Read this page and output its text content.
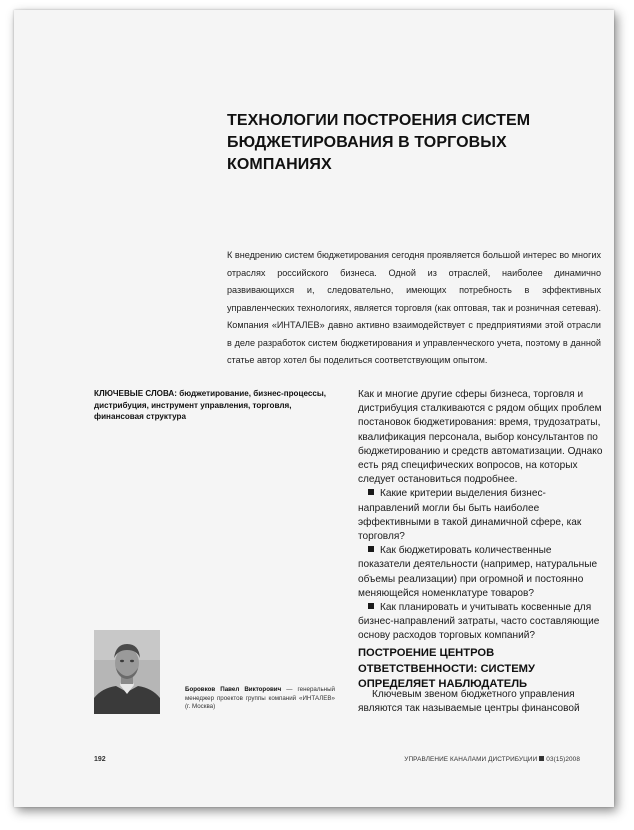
ТЕХНОЛОГИИ ПОСТРОЕНИЯ СИСТЕМ
БЮДЖЕТИРОВАНИЯ В ТОРГОВЫХ КОМПАНИЯХ

К внедрению систем бюджетирования сегодня проявляется большой интерес во многих отраслях российского бизнеса. Одной из отраслей, наиболее динамично развивающихся и, следовательно, имеющих потребность в эффективных управленческих технологиях, является торговля (как оптовая, так и розничная сетевая). Компания «ИНТАЛЕВ» давно активно взаимодействует с предприятиями этой отрасли в деле разработок систем бюджетирования и управленческого учета, поэтому в данной статье автор хотел бы поделиться соответствующим опытом.

КЛЮЧЕВЫЕ СЛОВА: бюджетирование, бизнес-процессы, дистрибуция, инструмент управления, торговля, финансовая структура

Как и многие другие сферы бизнеса, торговля и дистрибуция сталкиваются с рядом общих проблем постановок бюджетирования: время, трудозатраты, квалификация персонала, выбор консультантов по бюджетированию и средств автоматизации. Однако есть ряд специфических вопросов, на которых следует остановиться подробнее.

Какие критерии выделения бизнес-направлений могли бы быть наиболее эффективными в такой динамичной сфере, как торговля?

Как бюджетировать количественные показатели деятельности (например, натуральные объемы реализации) при огромной и постоянно меняющейся номенклатуре товаров?

Как планировать и учитывать косвенные для бизнес-направлений затраты, часто составляющие основу расходов торговых компаний?

ПОСТРОЕНИЕ ЦЕНТРОВ ОТВЕТСТВЕННОСТИ: СИСТЕМУ ОПРЕДЕЛЯЕТ НАБЛЮДАТЕЛЬ

Ключевым звеном бюджетного управления являются так называемые центры финансовой

Боровков Павел Викторович — генеральный менеджер проектов группы компаний «ИНТАЛЕВ» (г. Москва)
192	УПРАВЛЕНИЕ КАНАЛАМИ ДИСТРИБУЦИИ 03(15)2008
